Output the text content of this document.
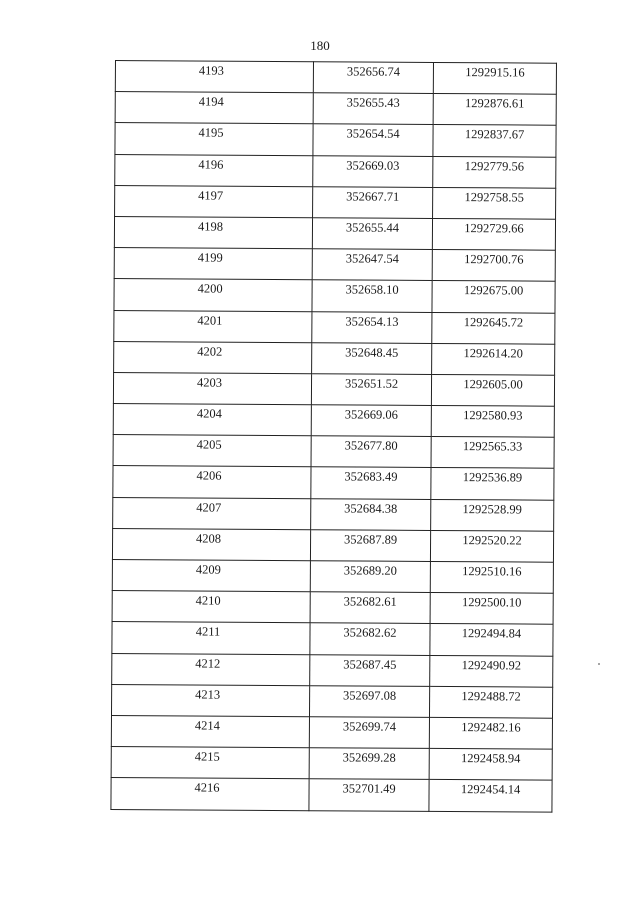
180
4193	352656.74	1292915.16

4194	352655.43	1292876.61

4195	352654.54	1292837.67

4196	352669.03	1292779.56

4197	352667.71	1292758.55

4198	352655.44	1292729.66

4199	352647.54	1292700.76

4200	352658.10	1292675.00

4201	352654.13	1292645.72

4202	352648.45	1292614.20

4203	352651.52	1292605.00

4204	352669.06	1292580.93

4205	352677.80	1292565.33

4206	352683.49	1292536.89

4207	352684.38	1292528.99

4208	352687.89	1292520.22

4209	352689.20	1292510.16

4210	352682.61	1292500.10

4211	352682.62	1292494.84

4212	352687.45	1292490.92

4213	352697.08	1292488.72

4214	352699.74	1292482.16

4215	352699.28	1292458.94

4216	352701.49	1292454.14
